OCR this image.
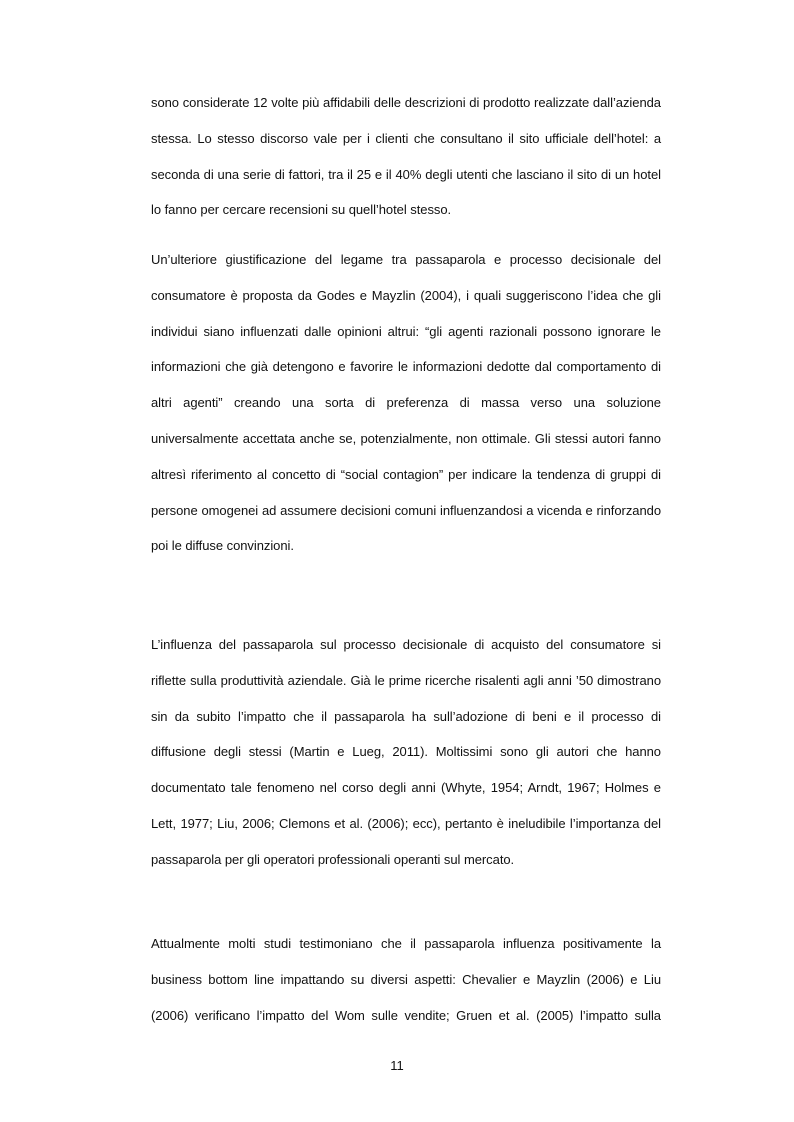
sono considerate 12 volte più affidabili delle descrizioni di prodotto realizzate dall’azienda stessa. Lo stesso discorso vale per i clienti che consultano il sito ufficiale dell’hotel: a seconda di una serie di fattori, tra il 25 e il 40% degli utenti che lasciano il sito di un hotel lo fanno per cercare recensioni su quell’hotel stesso.

Un’ulteriore giustificazione del legame tra passaparola e processo decisionale del consumatore è proposta da Godes e Mayzlin (2004), i quali suggeriscono l’idea che gli individui siano influenzati dalle opinioni altrui: “gli agenti razionali possono ignorare le informazioni che già detengono e favorire le informazioni dedotte dal comportamento di altri agenti” creando una sorta di preferenza di massa verso una soluzione universalmente accettata anche se, potenzialmente, non ottimale. Gli stessi autori fanno altresì riferimento al concetto di “social contagion” per indicare la tendenza di gruppi di persone omogenei ad assumere decisioni comuni influenzandosi a vicenda e rinforzando poi le diffuse convinzioni.

L’influenza del passaparola sul processo decisionale di acquisto del consumatore si riflette sulla produttività aziendale. Già le prime ricerche risalenti agli anni ’50 dimostrano sin da subito l’impatto che il passaparola ha sull’adozione di beni e il processo di diffusione degli stessi (Martin e Lueg, 2011). Moltissimi sono gli autori che hanno documentato tale fenomeno nel corso degli anni (Whyte, 1954; Arndt, 1967; Holmes e Lett, 1977; Liu, 2006; Clemons et al. (2006); ecc), pertanto è ineludibile l’importanza del passaparola per gli operatori professionali operanti sul mercato.

Attualmente molti studi testimoniano che il passaparola influenza positivamente la business bottom line impattando su diversi aspetti: Chevalier e Mayzlin (2006) e Liu (2006) verificano l’impatto del Wom sulle vendite; Gruen et al. (2005) l’impatto sulla

11
